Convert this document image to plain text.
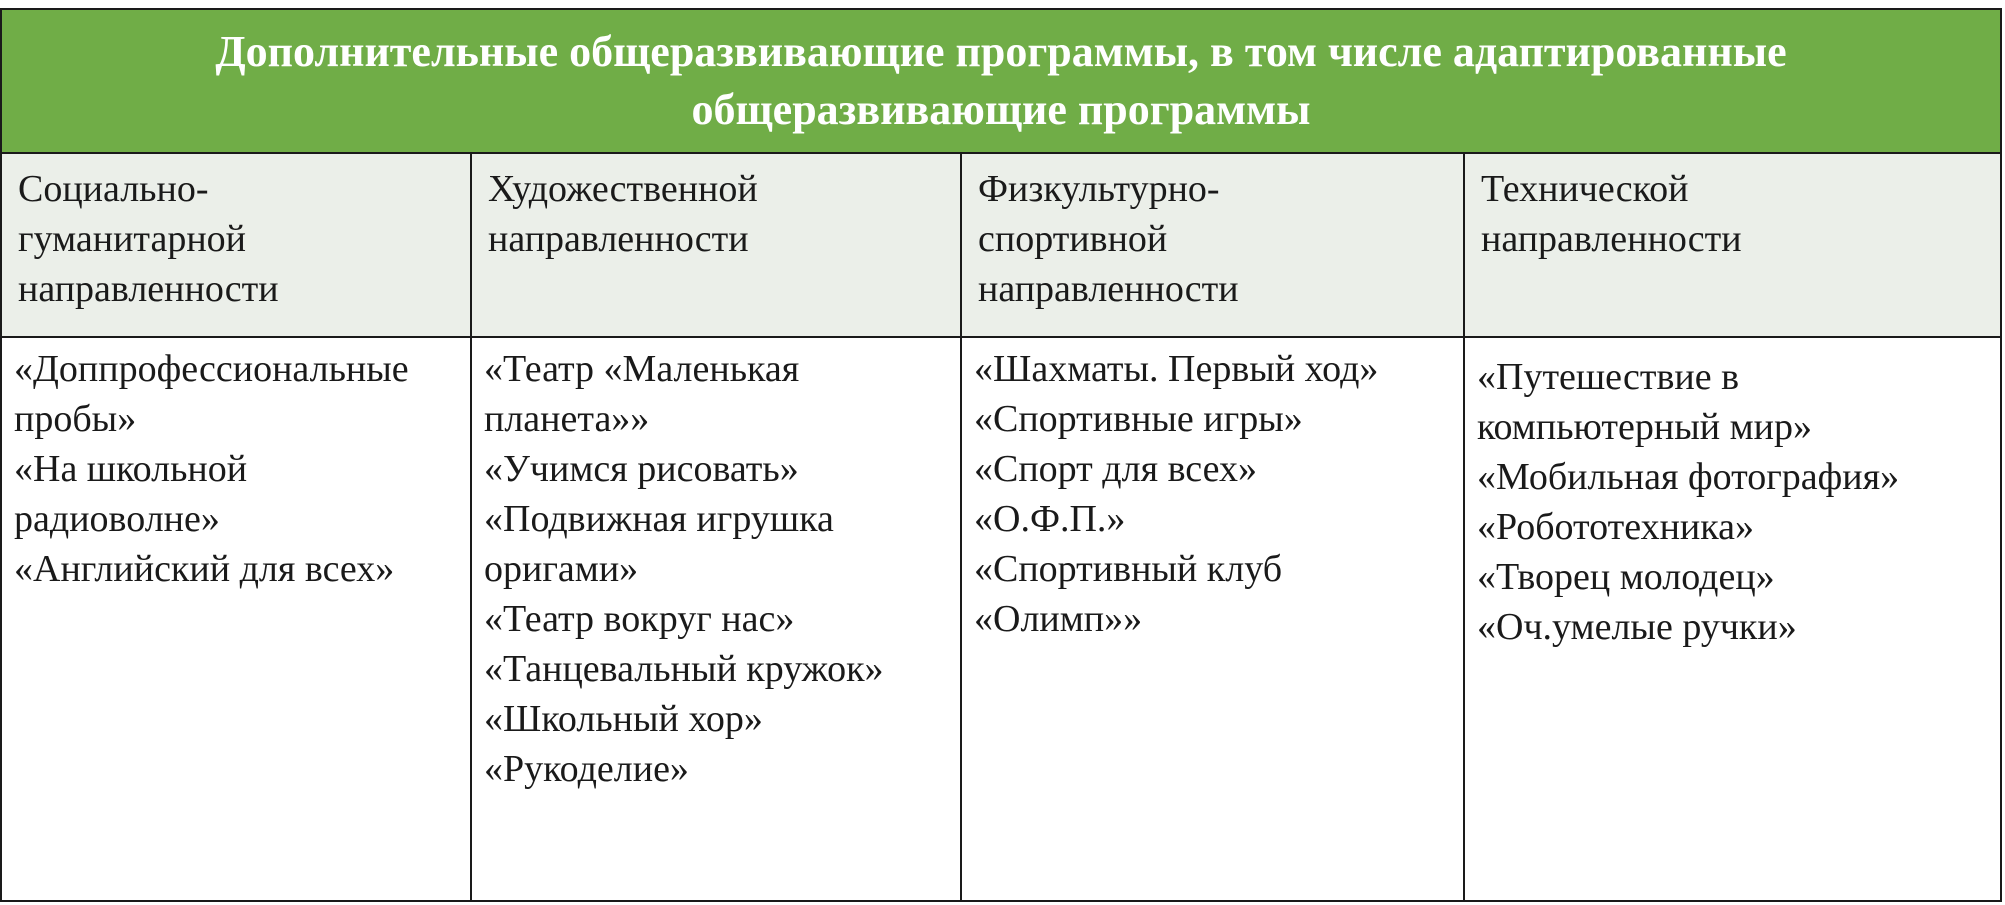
Дополнительные общеразвивающие программы, в том числе адаптированные
общеразвивающие программы
Социально-
гуманитарной
направленности
Художественной
направленности
Физкультурно-
спортивной
направленности
Технической
направленности
«Доппрофессиональные
пробы»
«На школьной
радиоволне»
«Английский для всех»
«Театр «Маленькая
планета»»
«Учимся рисовать»
«Подвижная игрушка
оригами»
«Театр вокруг нас»
«Танцевальный кружок»
«Школьный хор»
«Рукоделие»
«Шахматы. Первый ход»
«Спортивные игры»
«Спорт для всех»
«О.Ф.П.»
«Спортивный клуб
«Олимп»»
«Путешествие в
компьютерный мир»
«Мобильная фотография»
«Робототехника»
«Творец молодец»
«Оч.умелые ручки»
